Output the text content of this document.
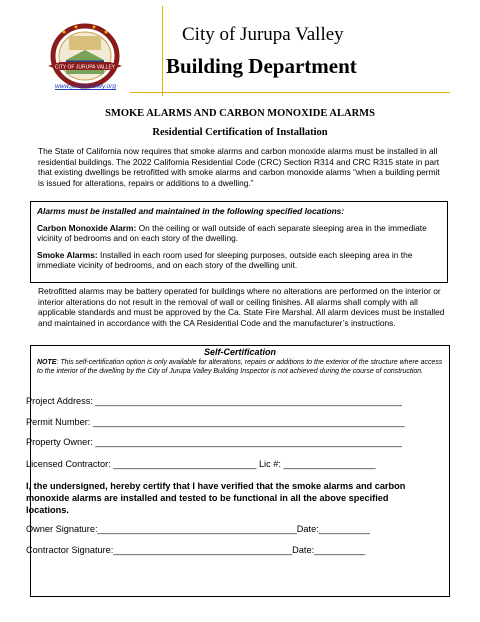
CITY OF JURUPA VALLEY
www.jurupavalley.org
City of Jurupa Valley
Building Department
SMOKE ALARMS AND CARBON MONOXIDE ALARMS
Residential Certification of Installation
The State of California now requires that smoke alarms and carbon monoxide alarms must be installed in all residential buildings. The 2022 California Residential Code (CRC) Section R314 and CRC R315 state in part that existing dwellings be retrofitted with smoke alarms and carbon monoxide alarms “when a building permit is issued for alterations, repairs or additions to a dwelling.”
Alarms must be installed and maintained in the following specified locations:
Carbon Monoxide Alarm: On the ceiling or wall outside of each separate sleeping area in the immediate vicinity of bedrooms and on each story of the dwelling.
Smoke Alarms: Installed in each room used for sleeping purposes, outside each sleeping area in the immediate vicinity of bedrooms, and on each story of the dwelling unit.
Retrofitted alarms may be battery operated for buildings where no alterations are performed on the interior or interior alterations do not result in the removal of wall or ceiling finishes. All alarms shall comply with all applicable standards and must be approved by the Ca. State Fire Marshal. All alarm devices must be installed and maintained in accordance with the CA Residential Code and the manufacturer’s instructions.
Self-Certification
NOTE: This self-certification option is only available for alterations, repairs or additions to the exterior of the structure where access to the interior of the dwelling by the City of Jurupa Valley Building Inspector is not achieved during the course of construction.
Project Address: ____________________________________________________________
Permit Number: _____________________________________________________________
Property Owner: ____________________________________________________________
Licensed Contractor: ____________________________ Lic #: __________________
I, the undersigned, hereby certify that I have verified that the smoke alarms and carbon monoxide alarms are installed and tested to be functional in all the above specified locations.
Owner Signature:_______________________________________Date:__________
Contractor Signature:___________________________________Date:__________
